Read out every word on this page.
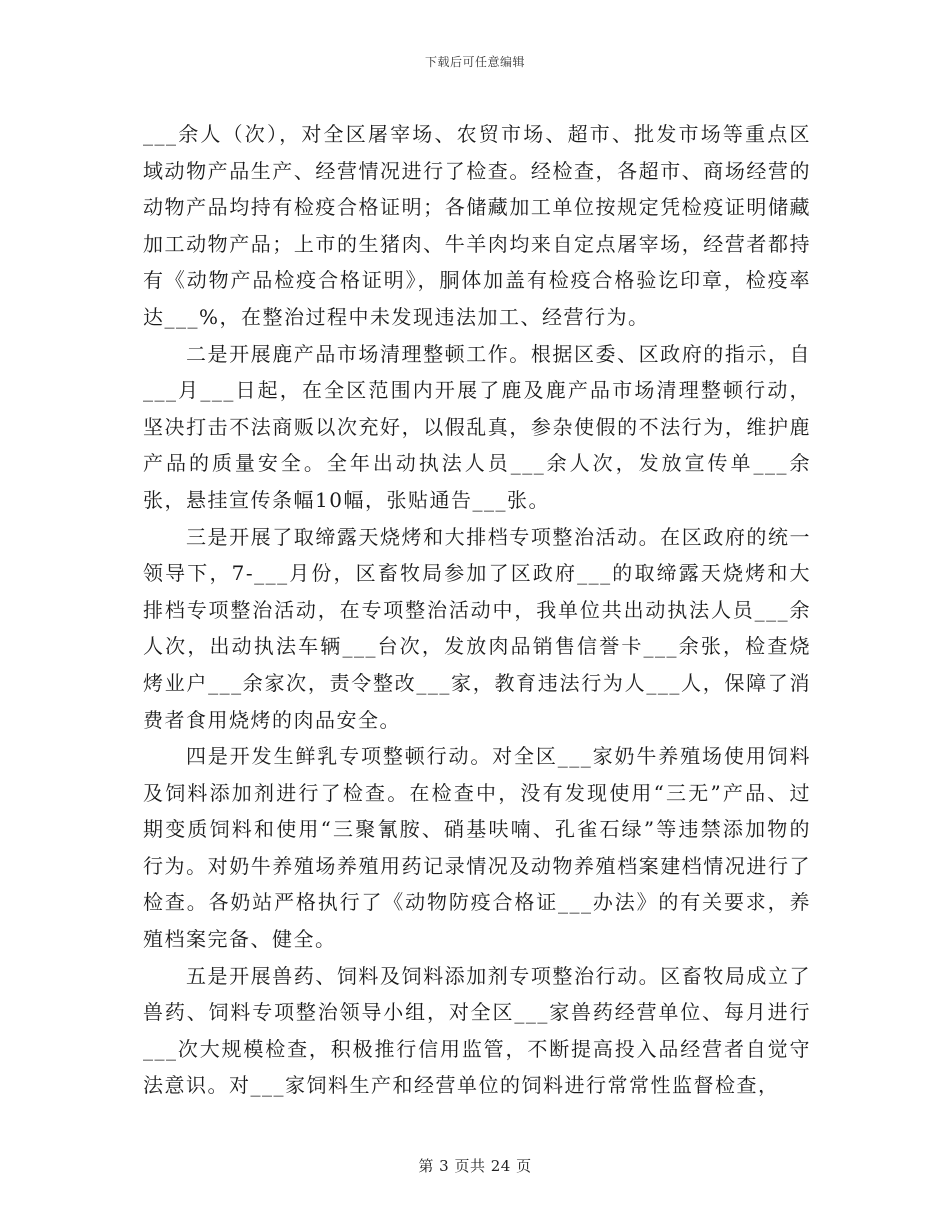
下载后可任意编辑

___余人（次），对全区屠宰场、农贸市场、超市、批发市场等重点区域动物产品生产、经营情况进行了检查。经检查，各超市、商场经营的动物产品均持有检疫合格证明；各储藏加工单位按规定凭检疫证明储藏加工动物产品；上市的生猪肉、牛羊肉均来自定点屠宰场，经营者都持有《动物产品检疫合格证明》，胴体加盖有检疫合格验讫印章，检疫率达___%，在整治过程中未发现违法加工、经营行为。

二是开展鹿产品市场清理整顿工作。根据区委、区政府的指示，自___月___日起，在全区范围内开展了鹿及鹿产品市场清理整顿行动，坚决打击不法商贩以次充好，以假乱真，参杂使假的不法行为，维护鹿产品的质量安全。全年出动执法人员___余人次，发放宣传单___余张，悬挂宣传条幅10幅，张贴通告___张。

三是开展了取缔露天烧烤和大排档专项整治活动。在区政府的统一领导下，7-___月份，区畜牧局参加了区政府___的取缔露天烧烤和大排档专项整治活动，在专项整治活动中，我单位共出动执法人员___余人次，出动执法车辆___台次，发放肉品销售信誉卡___余张，检查烧烤业户___余家次，责令整改___家，教育违法行为人___人，保障了消费者食用烧烤的肉品安全。

四是开发生鲜乳专项整顿行动。对全区___家奶牛养殖场使用饲料及饲料添加剂进行了检查。在检查中，没有发现使用“三无”产品、过期变质饲料和使用“三聚氰胺、硝基呋喃、孔雀石绿”等违禁添加物的行为。对奶牛养殖场养殖用药记录情况及动物养殖档案建档情况进行了检查。各奶站严格执行了《动物防疫合格证___办法》的有关要求，养殖档案完备、健全。

五是开展兽药、饲料及饲料添加剂专项整治行动。区畜牧局成立了兽药、饲料专项整治领导小组，对全区___家兽药经营单位、每月进行___次大规模检查，积极推行信用监管，不断提高投入品经营者自觉守法意识。对___家饲料生产和经营单位的饲料进行常常性监督检查，

第 3 页共 24 页
